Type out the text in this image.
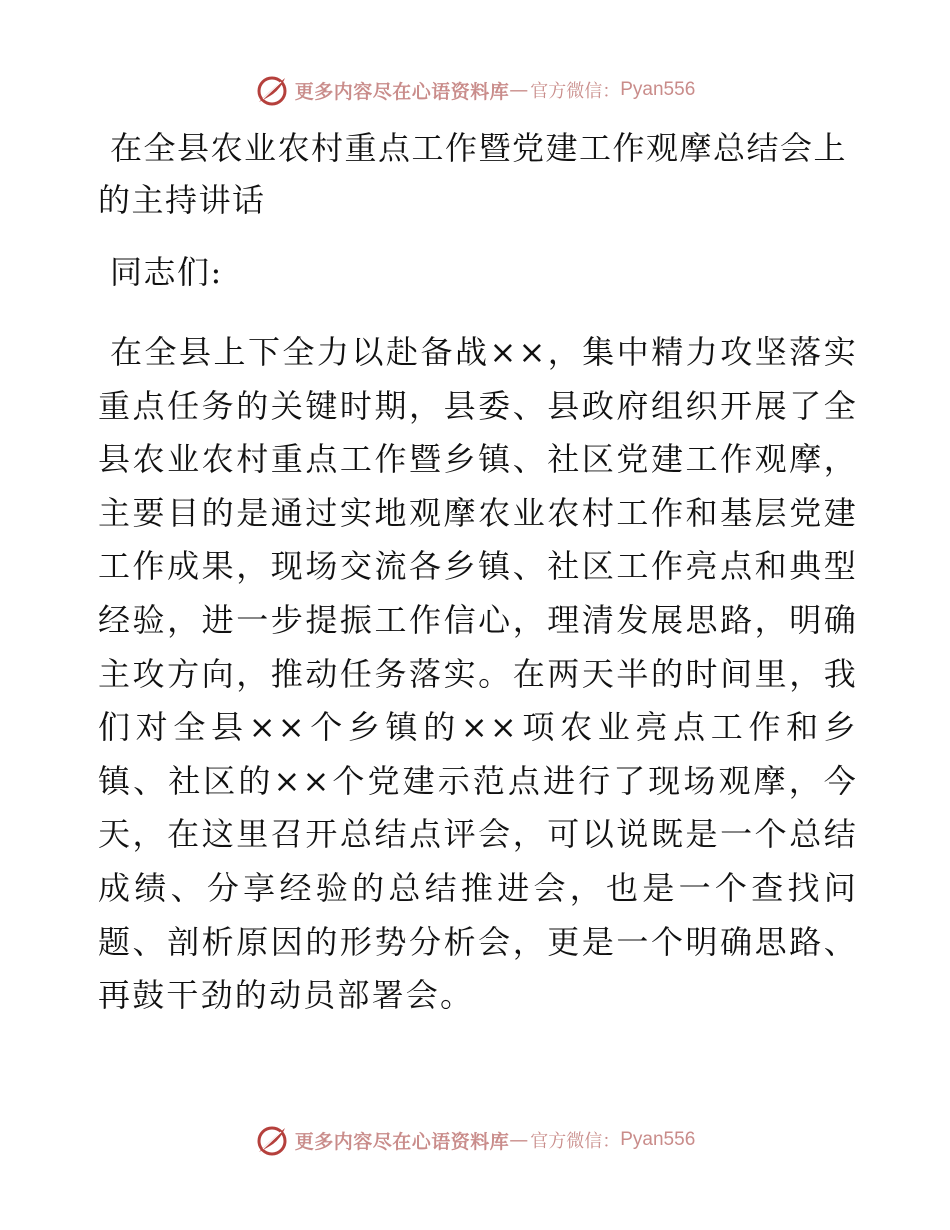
更多内容尽在心语资料库 — 官方微信： Pyan556
在全县农业农村重点工作暨党建工作观摩总结会上的主持讲话

同志们:

在全县上下全力以赴备战××，集中精力攻坚落实重点任务的关键时期，县委、县政府组织开展了全县农业农村重点工作暨乡镇、社区党建工作观摩，主要目的是通过实地观摩农业农村工作和基层党建工作成果，现场交流各乡镇、社区工作亮点和典型经验，进一步提振工作信心，理清发展思路，明确主攻方向，推动任务落实。在两天半的时间里，我们对全县××个乡镇的××项农业亮点工作和乡镇、社区的××个党建示范点进行了现场观摩，今天，在这里召开总结点评会，可以说既是一个总结成绩、分享经验的总结推进会，也是一个查找问题、剖析原因的形势分析会，更是一个明确思路、再鼓干劲的动员部署会。

更多内容尽在心语资料库 — 官方微信： Pyan556
